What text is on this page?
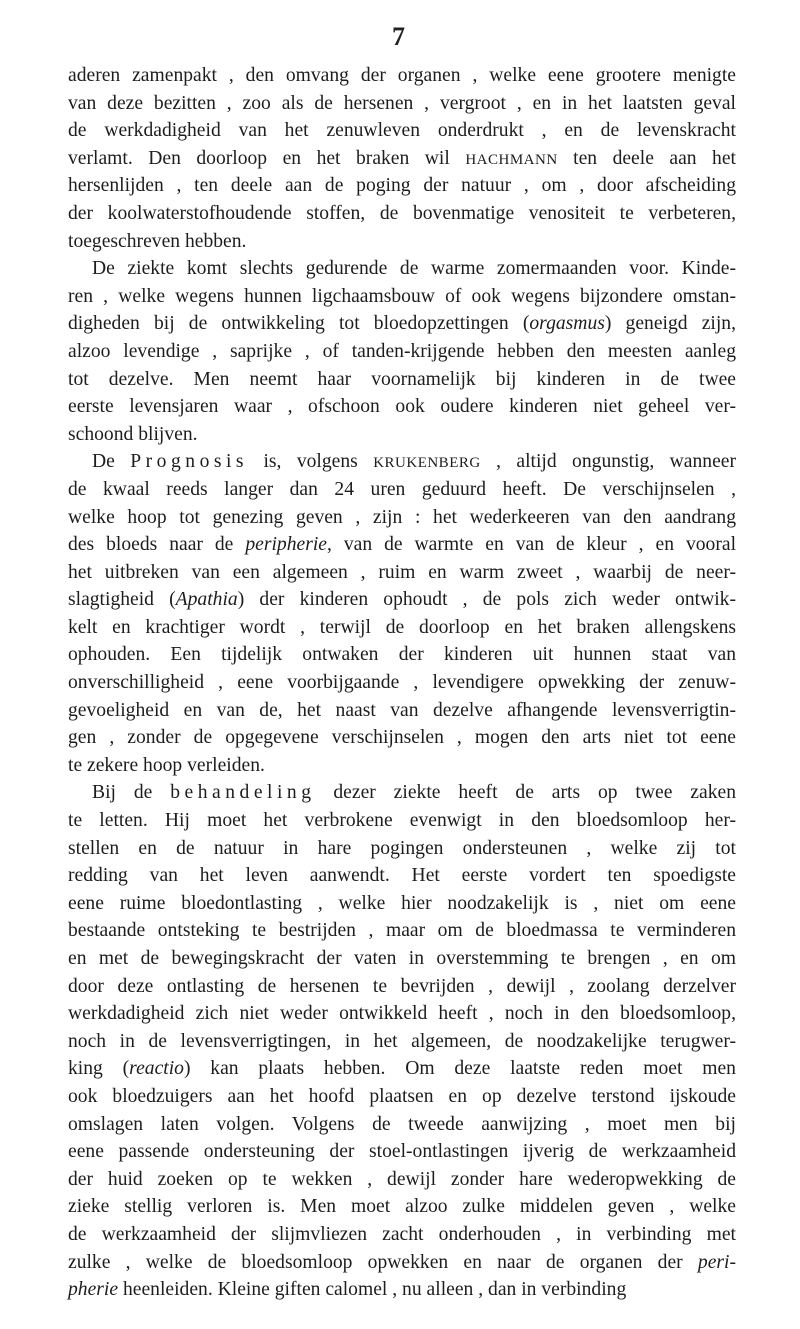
7
aderen zamenpakt , den omvang der organen , welke eene grootere menigte
van deze bezitten , zoo als de hersenen , vergroot , en in het laatsten geval
de werkdadigheid van het zenuwleven onderdrukt , en de levenskracht
verlamt. Den doorloop en het braken wil HACHMANN ten deele aan het
hersenlijden , ten deele aan de poging der natuur , om , door afscheiding
der koolwaterstofhoudende stoffen, de bovenmatige venositeit te verbeteren,
toegeschreven hebben.
De ziekte komt slechts gedurende de warme zomermaanden voor. Kinde-
ren , welke wegens hunnen ligchaamsbouw of ook wegens bijzondere omstan-
digheden bij de ontwikkeling tot bloedopzettingen (orgasmus) geneigd zijn,
alzoo levendige , saprijke , of tanden-krijgende hebben den meesten aanleg
tot dezelve. Men neemt haar voornamelijk bij kinderen in de twee
eerste levensjaren waar , ofschoon ook oudere kinderen niet geheel ver-
schoond blijven.
De Prognosis is, volgens KRUKENBERG , altijd ongunstig, wanneer
de kwaal reeds langer dan 24 uren geduurd heeft. De verschijnselen ,
welke hoop tot genezing geven , zijn : het wederkeeren van den aandrang
des bloeds naar de peripherie, van de warmte en van de kleur , en vooral
het uitbreken van een algemeen , ruim en warm zweet , waarbij de neer-
slagtigheid (Apathia) der kinderen ophoudt , de pols zich weder ontwik-
kelt en krachtiger wordt , terwijl de doorloop en het braken allengskens
ophouden. Een tijdelijk ontwaken der kinderen uit hunnen staat van
onverschilligheid , eene voorbijgaande , levendigere opwekking der zenuw-
gevoeligheid en van de, het naast van dezelve afhangende levensverrigtin-
gen , zonder de opgegevene verschijnselen , mogen den arts niet tot eene
te zekere hoop verleiden.
Bij de behandeling dezer ziekte heeft de arts op twee zaken
te letten. Hij moet het verbrokene evenwigt in den bloedsomloop her-
stellen en de natuur in hare pogingen ondersteunen , welke zij tot
redding van het leven aanwendt. Het eerste vordert ten spoedigste
eene ruime bloedontlasting , welke hier noodzakelijk is , niet om eene
bestaande ontsteking te bestrijden , maar om de bloedmassa te verminderen
en met de bewegingskracht der vaten in overstemming te brengen , en om
door deze ontlasting de hersenen te bevrijden , dewijl , zoolang derzelver
werkdadigheid zich niet weder ontwikkeld heeft , noch in den bloedsomloop,
noch in de levensverrigtingen, in het algemeen, de noodzakelijke terugwer-
king (reactio) kan plaats hebben. Om deze laatste reden moet men
ook bloedzuigers aan het hoofd plaatsen en op dezelve terstond ijskoude
omslagen laten volgen. Volgens de tweede aanwijzing , moet men bij
eene passende ondersteuning der stoel-ontlastingen ijverig de werkzaamheid
der huid zoeken op te wekken , dewijl zonder hare wederopwekking de
zieke stellig verloren is. Men moet alzoo zulke middelen geven , welke
de werkzaamheid der slijmvliezen zacht onderhouden , in verbinding met
zulke , welke de bloedsomloop opwekken en naar de organen der peri-
pherie heenleiden. Kleine giften calomel , nu alleen , dan in verbinding
